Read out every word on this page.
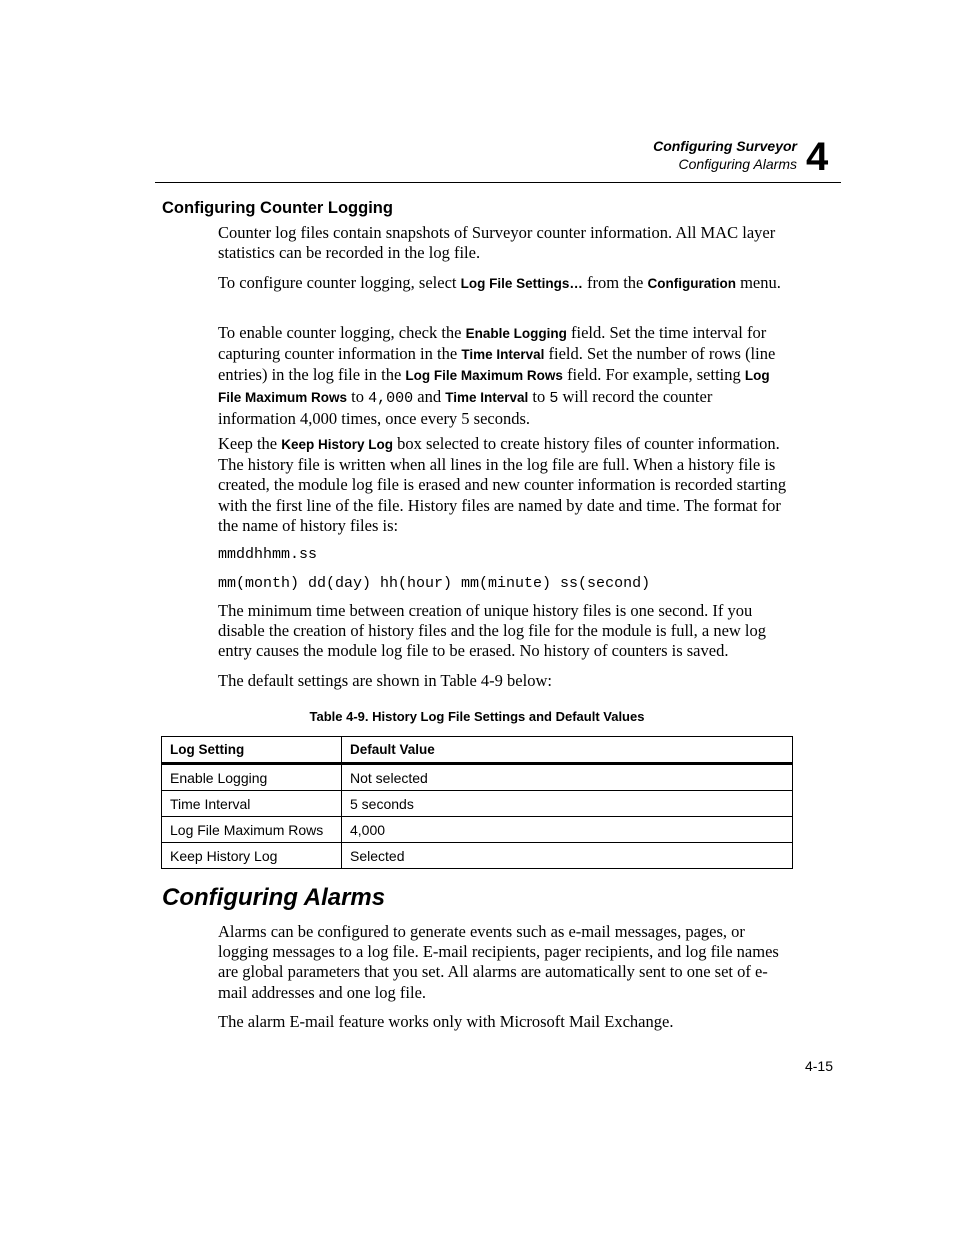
Configuring Surveyor
Configuring Alarms 4
Configuring Counter Logging

Counter log files contain snapshots of Surveyor counter information. All MAC layer statistics can be recorded in the log file.

To configure counter logging, select Log File Settings… from the Configuration menu.

To enable counter logging, check the Enable Logging field. Set the time interval for capturing counter information in the Time Interval field. Set the number of rows (line entries) in the log file in the Log File Maximum Rows field. For example, setting Log File Maximum Rows to 4,000 and Time Interval to 5 will record the counter information 4,000 times, once every 5 seconds.

Keep the Keep History Log box selected to create history files of counter information. The history file is written when all lines in the log file are full. When a history file is created, the module log file is erased and new counter information is recorded starting with the first line of the file. History files are named by date and time. The format for the name of history files is:

mmddhhmm.ss
mm(month) dd(day) hh(hour) mm(minute) ss(second)

The minimum time between creation of unique history files is one second. If you disable the creation of history files and the log file for the module is full, a new log entry causes the module log file to be erased. No history of counters is saved.

The default settings are shown in Table 4-9 below:

Table 4-9. History Log File Settings and Default Values
Log Setting	Default Value
Enable Logging	Not selected
Time Interval	5 seconds
Log File Maximum Rows	4,000
Keep History Log	Selected
Configuring Alarms

Alarms can be configured to generate events such as e-mail messages, pages, or logging messages to a log file. E-mail recipients, pager recipients, and log file names are global parameters that you set. All alarms are automatically sent to one set of e-mail addresses and one log file.

The alarm E-mail feature works only with Microsoft Mail Exchange.

4-15
